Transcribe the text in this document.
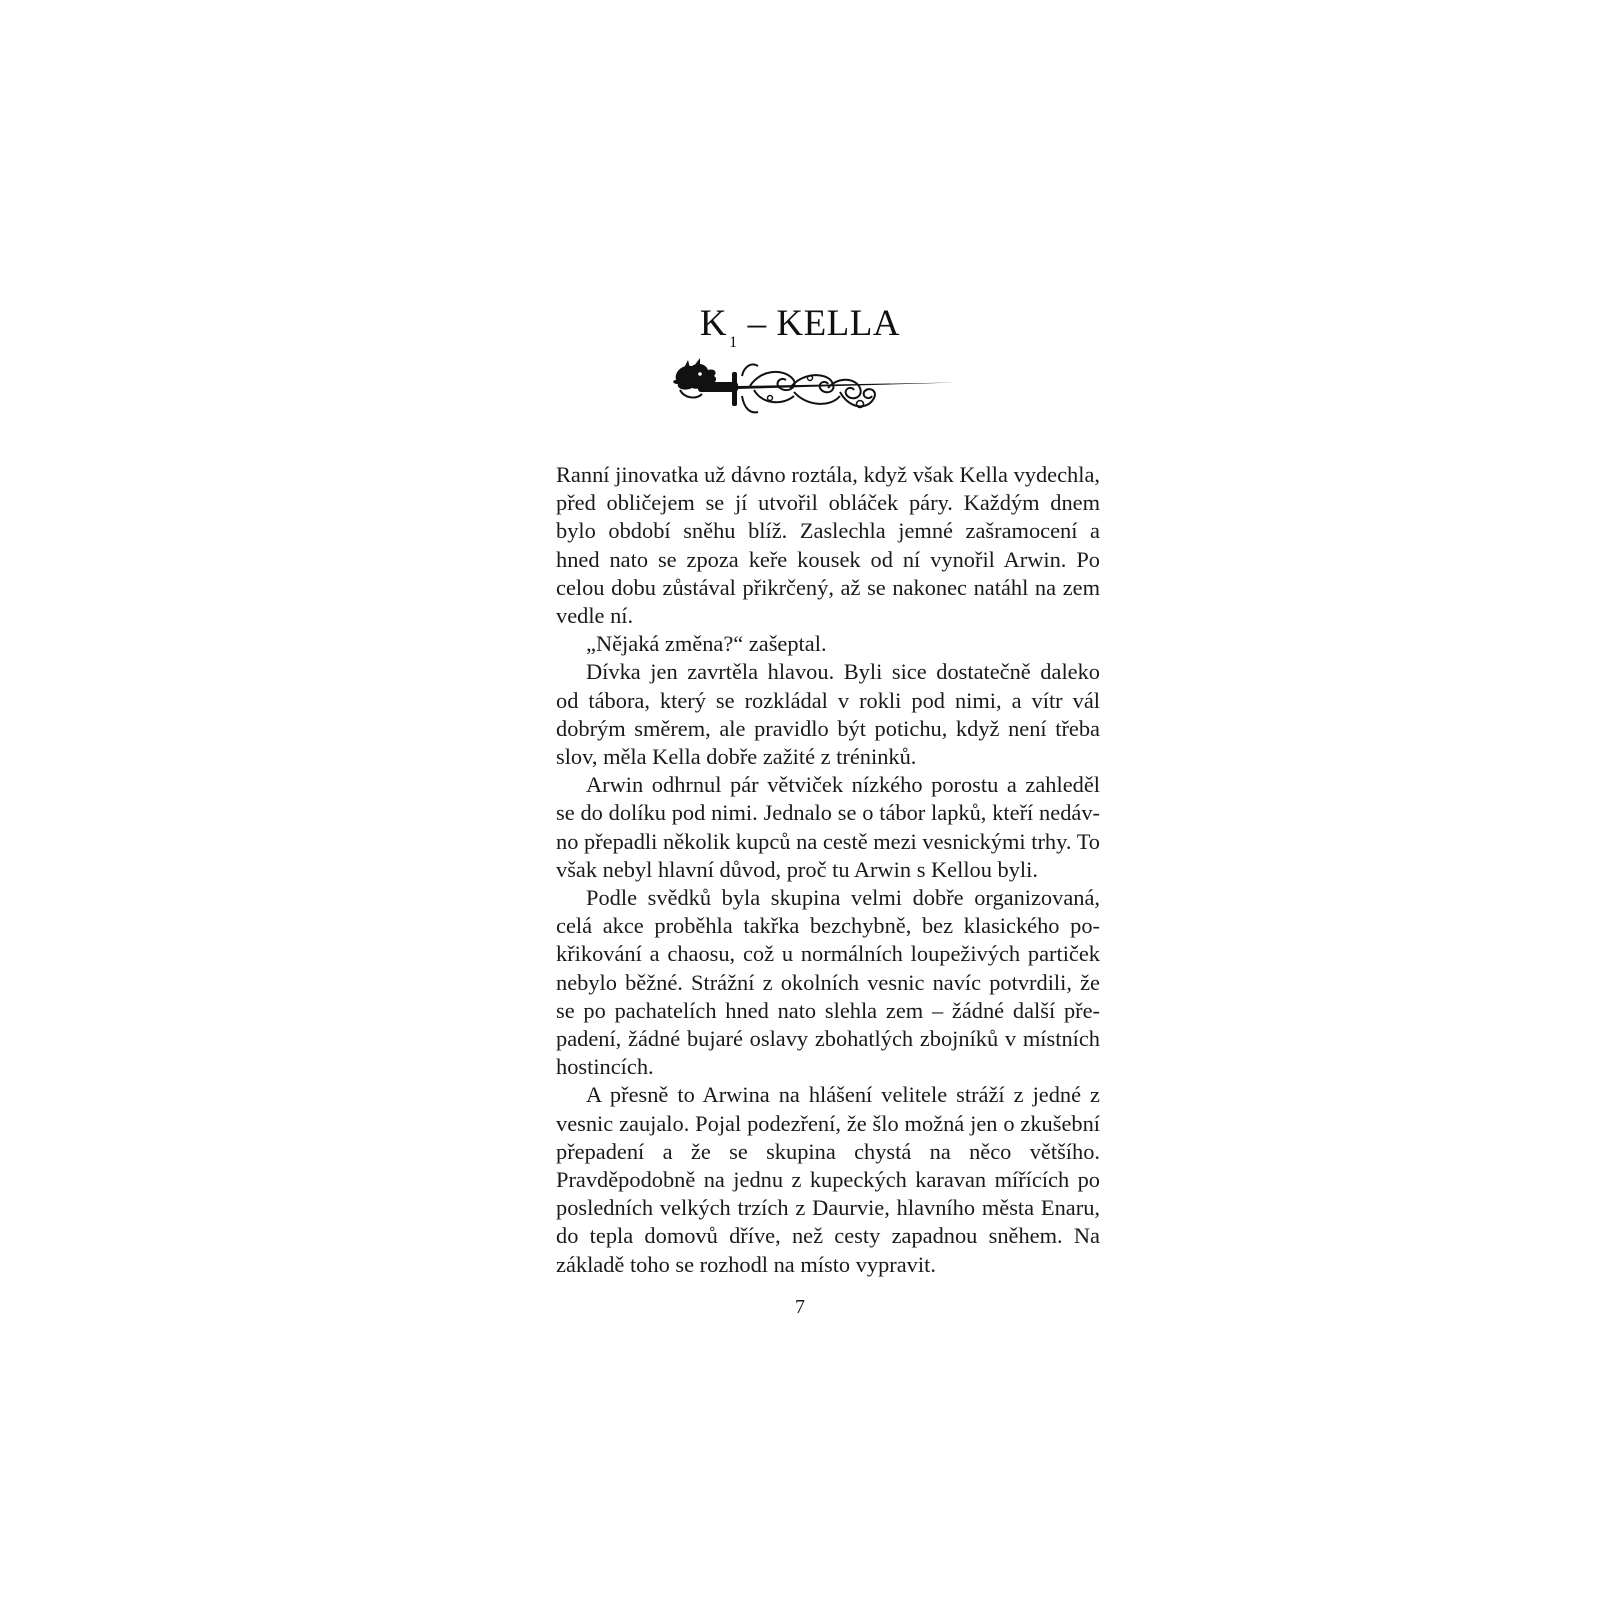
K $_1$ – KELLA

Ranní jinovatka už dávno roztála, když však Kella vydechla, před obličejem se jí utvořil obláček páry. Každým dnem bylo období sněhu blíž. Zaslechla jemné zašramocení a hned nato se zpoza keře kousek od ní vynořil Arwin. Po celou dobu zůstával přikrčený, až se nakonec natáhl na zem vedle ní.

„Nějaká změna?“ zašeptal.

Dívka jen zavrtěla hlavou. Byli sice dostatečně daleko od tábora, který se rozkládal v rokli pod nimi, a vítr vál dobrým směrem, ale pravidlo být potichu, když není třeba slov, měla Kella dobře zažité z tréninků.

Arwin odhrnul pár větviček nízkého porostu a zahleděl se do dolíku pod nimi. Jednalo se o tábor lapků, kteří nedávno přepadli několik kupců na cestě mezi vesnickými trhy. To však nebyl hlavní důvod, proč tu Arwin s Kellou byli.

Podle svědků byla skupina velmi dobře organizovaná, celá akce proběhla takřka bezchybně, bez klasického pokřikování a chaosu, což u normálních loupeživých partiček nebylo běžné. Strážní z okolních vesnic navíc potvrdili, že se po pachatelích hned nato slehla zem – žádné další přepadení, žádné bujaré oslavy zbohatlých zbojníků v místních hostincích.

A přesně to Arwina na hlášení velitele stráží z jedné z vesnic zaujalo. Pojal podezření, že šlo možná jen o zkušební přepadení a že se skupina chystá na něco většího. Pravděpodobně na jednu z kupeckých karavan mířících po posledních velkých trzích z Daurvie, hlavního města Enaru, do tepla domovů dříve, než cesty zapadnou sněhem. Na základě toho se rozhodl na místo vypravit.

7
